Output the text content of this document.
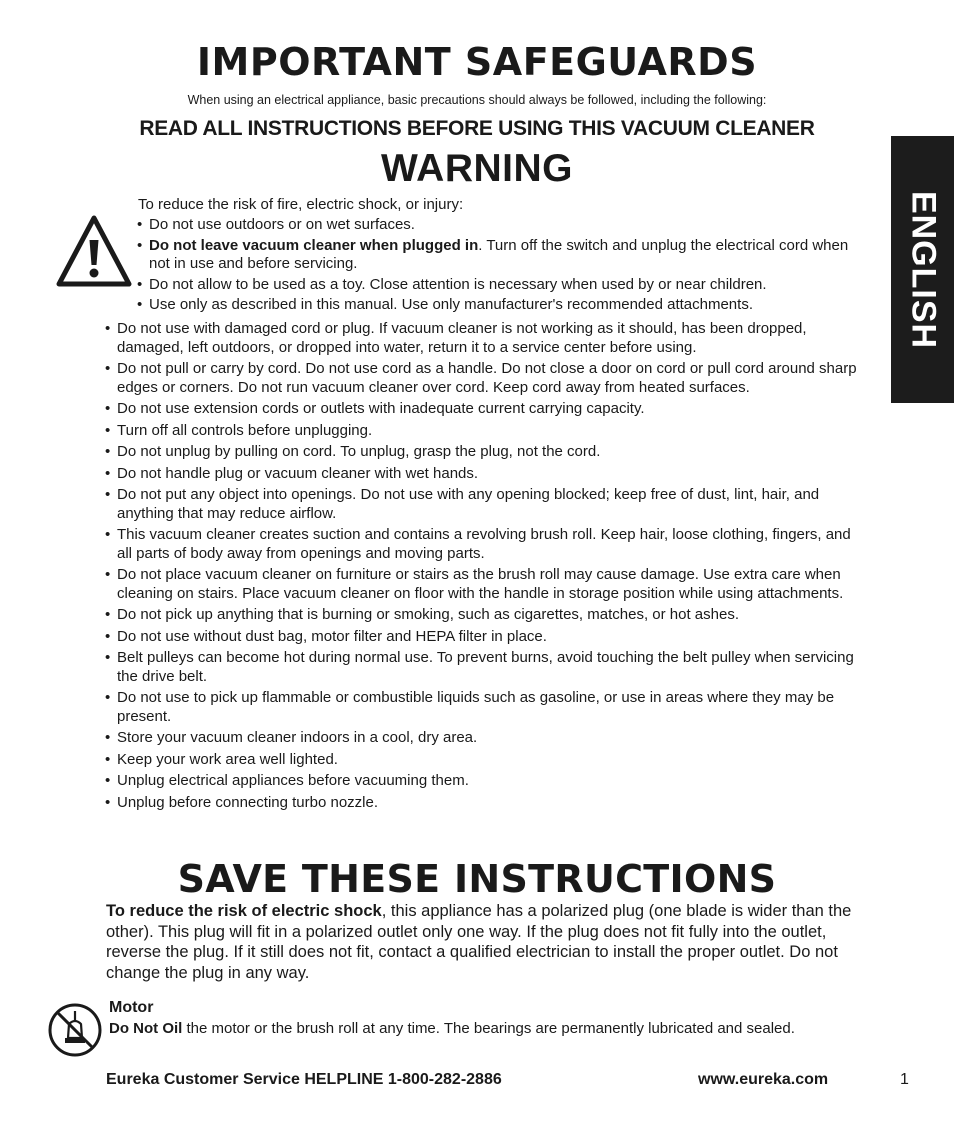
IMPORTANT SAFEGUARDS

When using an electrical appliance, basic precautions should always be followed, including the following:

READ ALL INSTRUCTIONS BEFORE USING THIS VACUUM CLEANER
WARNING
ENGLISH

To reduce the risk of fire, electric shock, or injury:

• Do not use outdoors or on wet surfaces.
• Do not leave vacuum cleaner when plugged in. Turn off the switch and unplug the electrical cord when not in use and before servicing.
• Do not allow to be used as a toy. Close attention is necessary when used by or near children.
• Use only as described in this manual. Use only manufacturer's recommended attachments.
• Do not use with damaged cord or plug. If vacuum cleaner is not working as it should, has been dropped, damaged, left outdoors, or dropped into water, return it to a service center before using.
• Do not pull or carry by cord. Do not use cord as a handle. Do not close a door on cord or pull cord around sharp edges or corners. Do not run vacuum cleaner over cord. Keep cord away from heated surfaces.
• Do not use extension cords or outlets with inadequate current carrying capacity.
• Turn off all controls before unplugging.
• Do not unplug by pulling on cord. To unplug, grasp the plug, not the cord.
• Do not handle plug or vacuum cleaner with wet hands.
• Do not put any object into openings. Do not use with any opening blocked; keep free of dust, lint, hair, and anything that may reduce airflow.
• This vacuum cleaner creates suction and contains a revolving brush roll. Keep hair, loose clothing, fingers, and all parts of body away from openings and moving parts.
• Do not place vacuum cleaner on furniture or stairs as the brush roll may cause damage. Use extra care when cleaning on stairs. Place vacuum cleaner on floor with the handle in storage position while using attachments.
• Do not pick up anything that is burning or smoking, such as cigarettes, matches, or hot ashes.
• Do not use without dust bag, motor filter and HEPA filter in place.
• Belt pulleys can become hot during normal use. To prevent burns, avoid touching the belt pulley when servicing the drive belt.
• Do not use to pick up flammable or combustible liquids such as gasoline, or use in areas where they may be present.
• Store your vacuum cleaner indoors in a cool, dry area.
• Keep your work area well lighted.
• Unplug electrical appliances before vacuuming them.
• Unplug before connecting turbo nozzle.
SAVE THESE INSTRUCTIONS

To reduce the risk of electric shock, this appliance has a polarized plug (one blade is wider than the other). This plug will fit in a polarized outlet only one way. If the plug does not fit fully into the outlet, reverse the plug. If it still does not fit, contact a qualified electrician to install the proper outlet. Do not change the plug in any way.

Motor

Do Not Oil the motor or the brush roll at any time. The bearings are permanently lubricated and sealed.

Eureka Customer Service HELPLINE 1-800-282-2886	www.eureka.com	1
